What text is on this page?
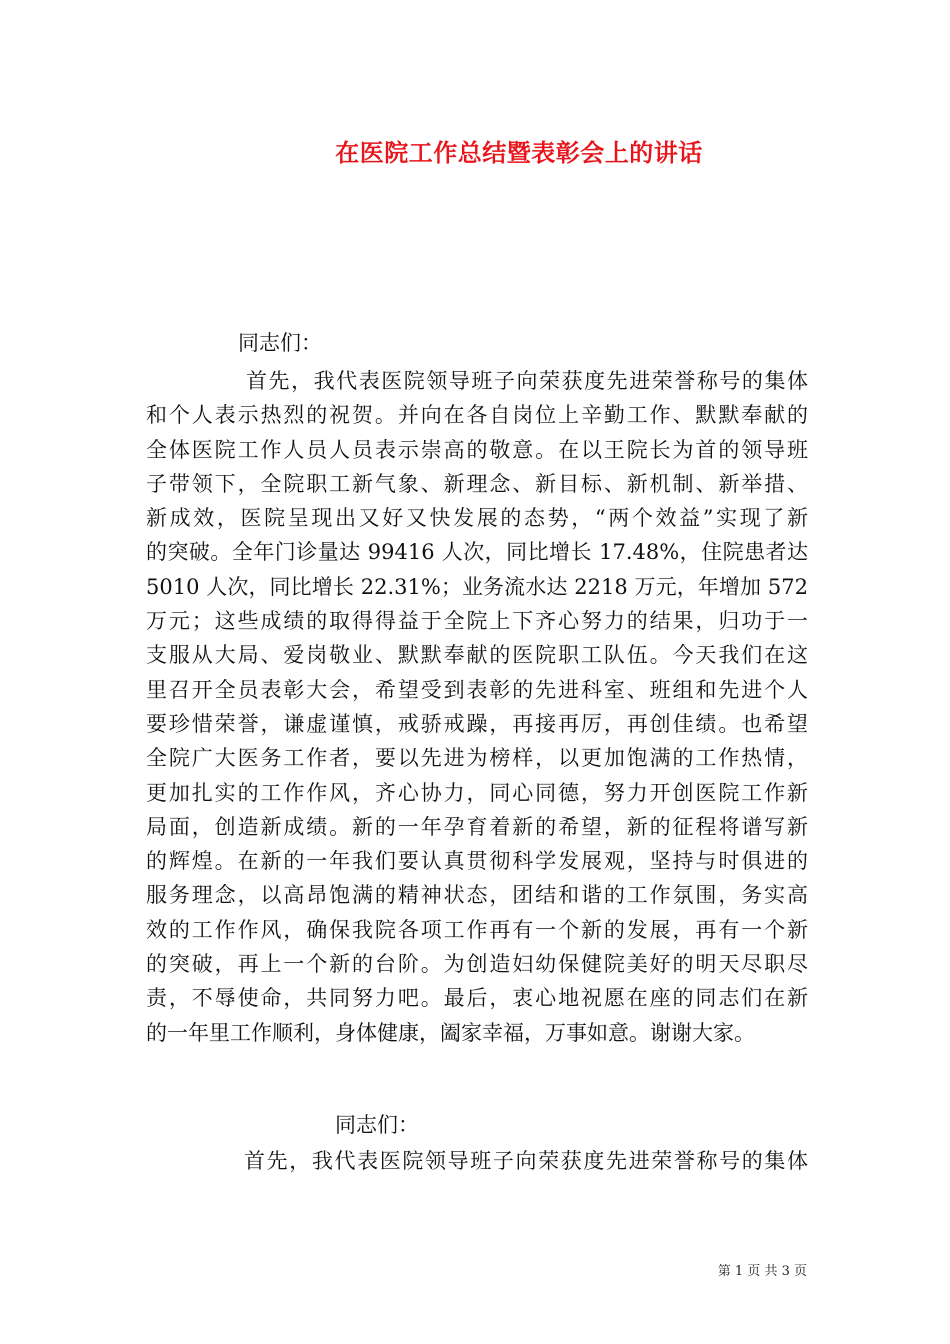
在医院工作总结暨表彰会上的讲话
同志们：
首先，我代表医院领导班子向荣获度先进荣誉称号的集体
和个人表示热烈的祝贺。并向在各自岗位上辛勤工作、默默奉献的
全体医院工作人员人员表示崇高的敬意。在以王院长为首的领导班
子带领下，全院职工新气象、新理念、新目标、新机制、新举措、
新成效，医院呈现出又好又快发展的态势，“两个效益”实现了新
的突破。全年门诊量达 99416 人次，同比增长 17.48%，住院患者达
5010 人次，同比增长 22.31%；业务流水达 2218 万元，年增加 572
万元；这些成绩的取得得益于全院上下齐心努力的结果，归功于一
支服从大局、爱岗敬业、默默奉献的医院职工队伍。今天我们在这
里召开全员表彰大会，希望受到表彰的先进科室、班组和先进个人
要珍惜荣誉，谦虚谨慎，戒骄戒躁，再接再厉，再创佳绩。也希望
全院广大医务工作者，要以先进为榜样，以更加饱满的工作热情，
更加扎实的工作作风，齐心协力，同心同德，努力开创医院工作新
局面，创造新成绩。新的一年孕育着新的希望，新的征程将谱写新
的辉煌。在新的一年我们要认真贯彻科学发展观，坚持与时俱进的
服务理念，以高昂饱满的精神状态，团结和谐的工作氛围，务实高
效的工作作风，确保我院各项工作再有一个新的发展，再有一个新
的突破，再上一个新的台阶。为创造妇幼保健院美好的明天尽职尽
责，不辱使命，共同努力吧。最后，衷心地祝愿在座的同志们在新
的一年里工作顺利，身体健康，阖家幸福，万事如意。谢谢大家。
同志们：
首先，我代表医院领导班子向荣获度先进荣誉称号的集体
第 1 页 共 3 页
